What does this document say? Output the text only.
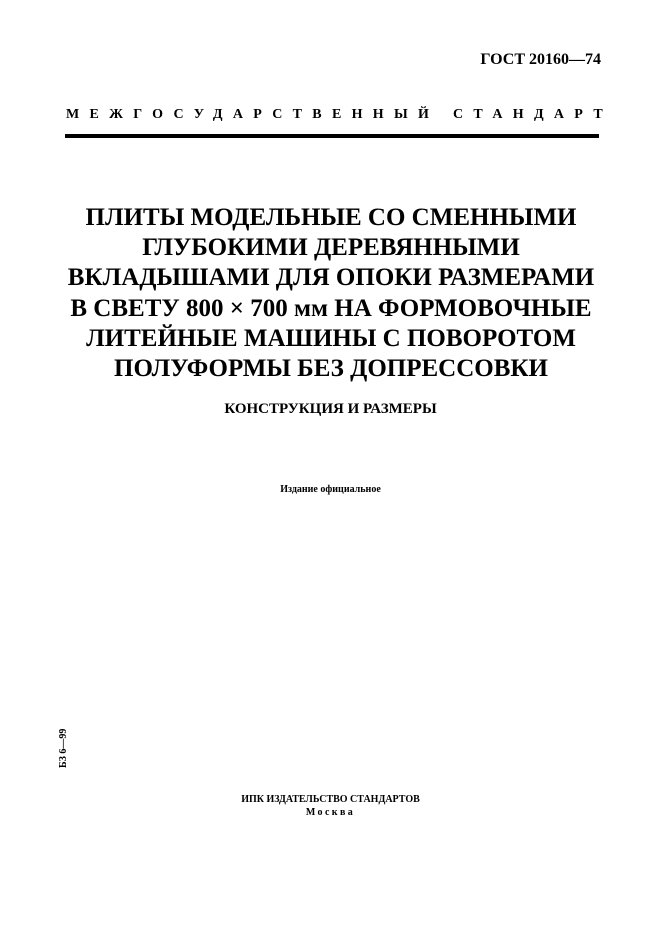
ГОСТ 20160—74
МЕЖГОСУДАРСТВЕННЫЙ СТАНДАРТ
ПЛИТЫ МОДЕЛЬНЫЕ СО СМЕННЫМИ
ГЛУБОКИМИ ДЕРЕВЯННЫМИ
ВКЛАДЫШАМИ ДЛЯ ОПОКИ РАЗМЕРАМИ
В СВЕТУ 800 × 700 мм НА ФОРМОВОЧНЫЕ
ЛИТЕЙНЫЕ МАШИНЫ С ПОВОРОТОМ
ПОЛУФОРМЫ БЕЗ ДОПРЕССОВКИ
КОНСТРУКЦИЯ И РАЗМЕРЫ
Издание официальное
БЗ 6—99
ИПК ИЗДАТЕЛЬСТВО СТАНДАРТОВ
Москва
